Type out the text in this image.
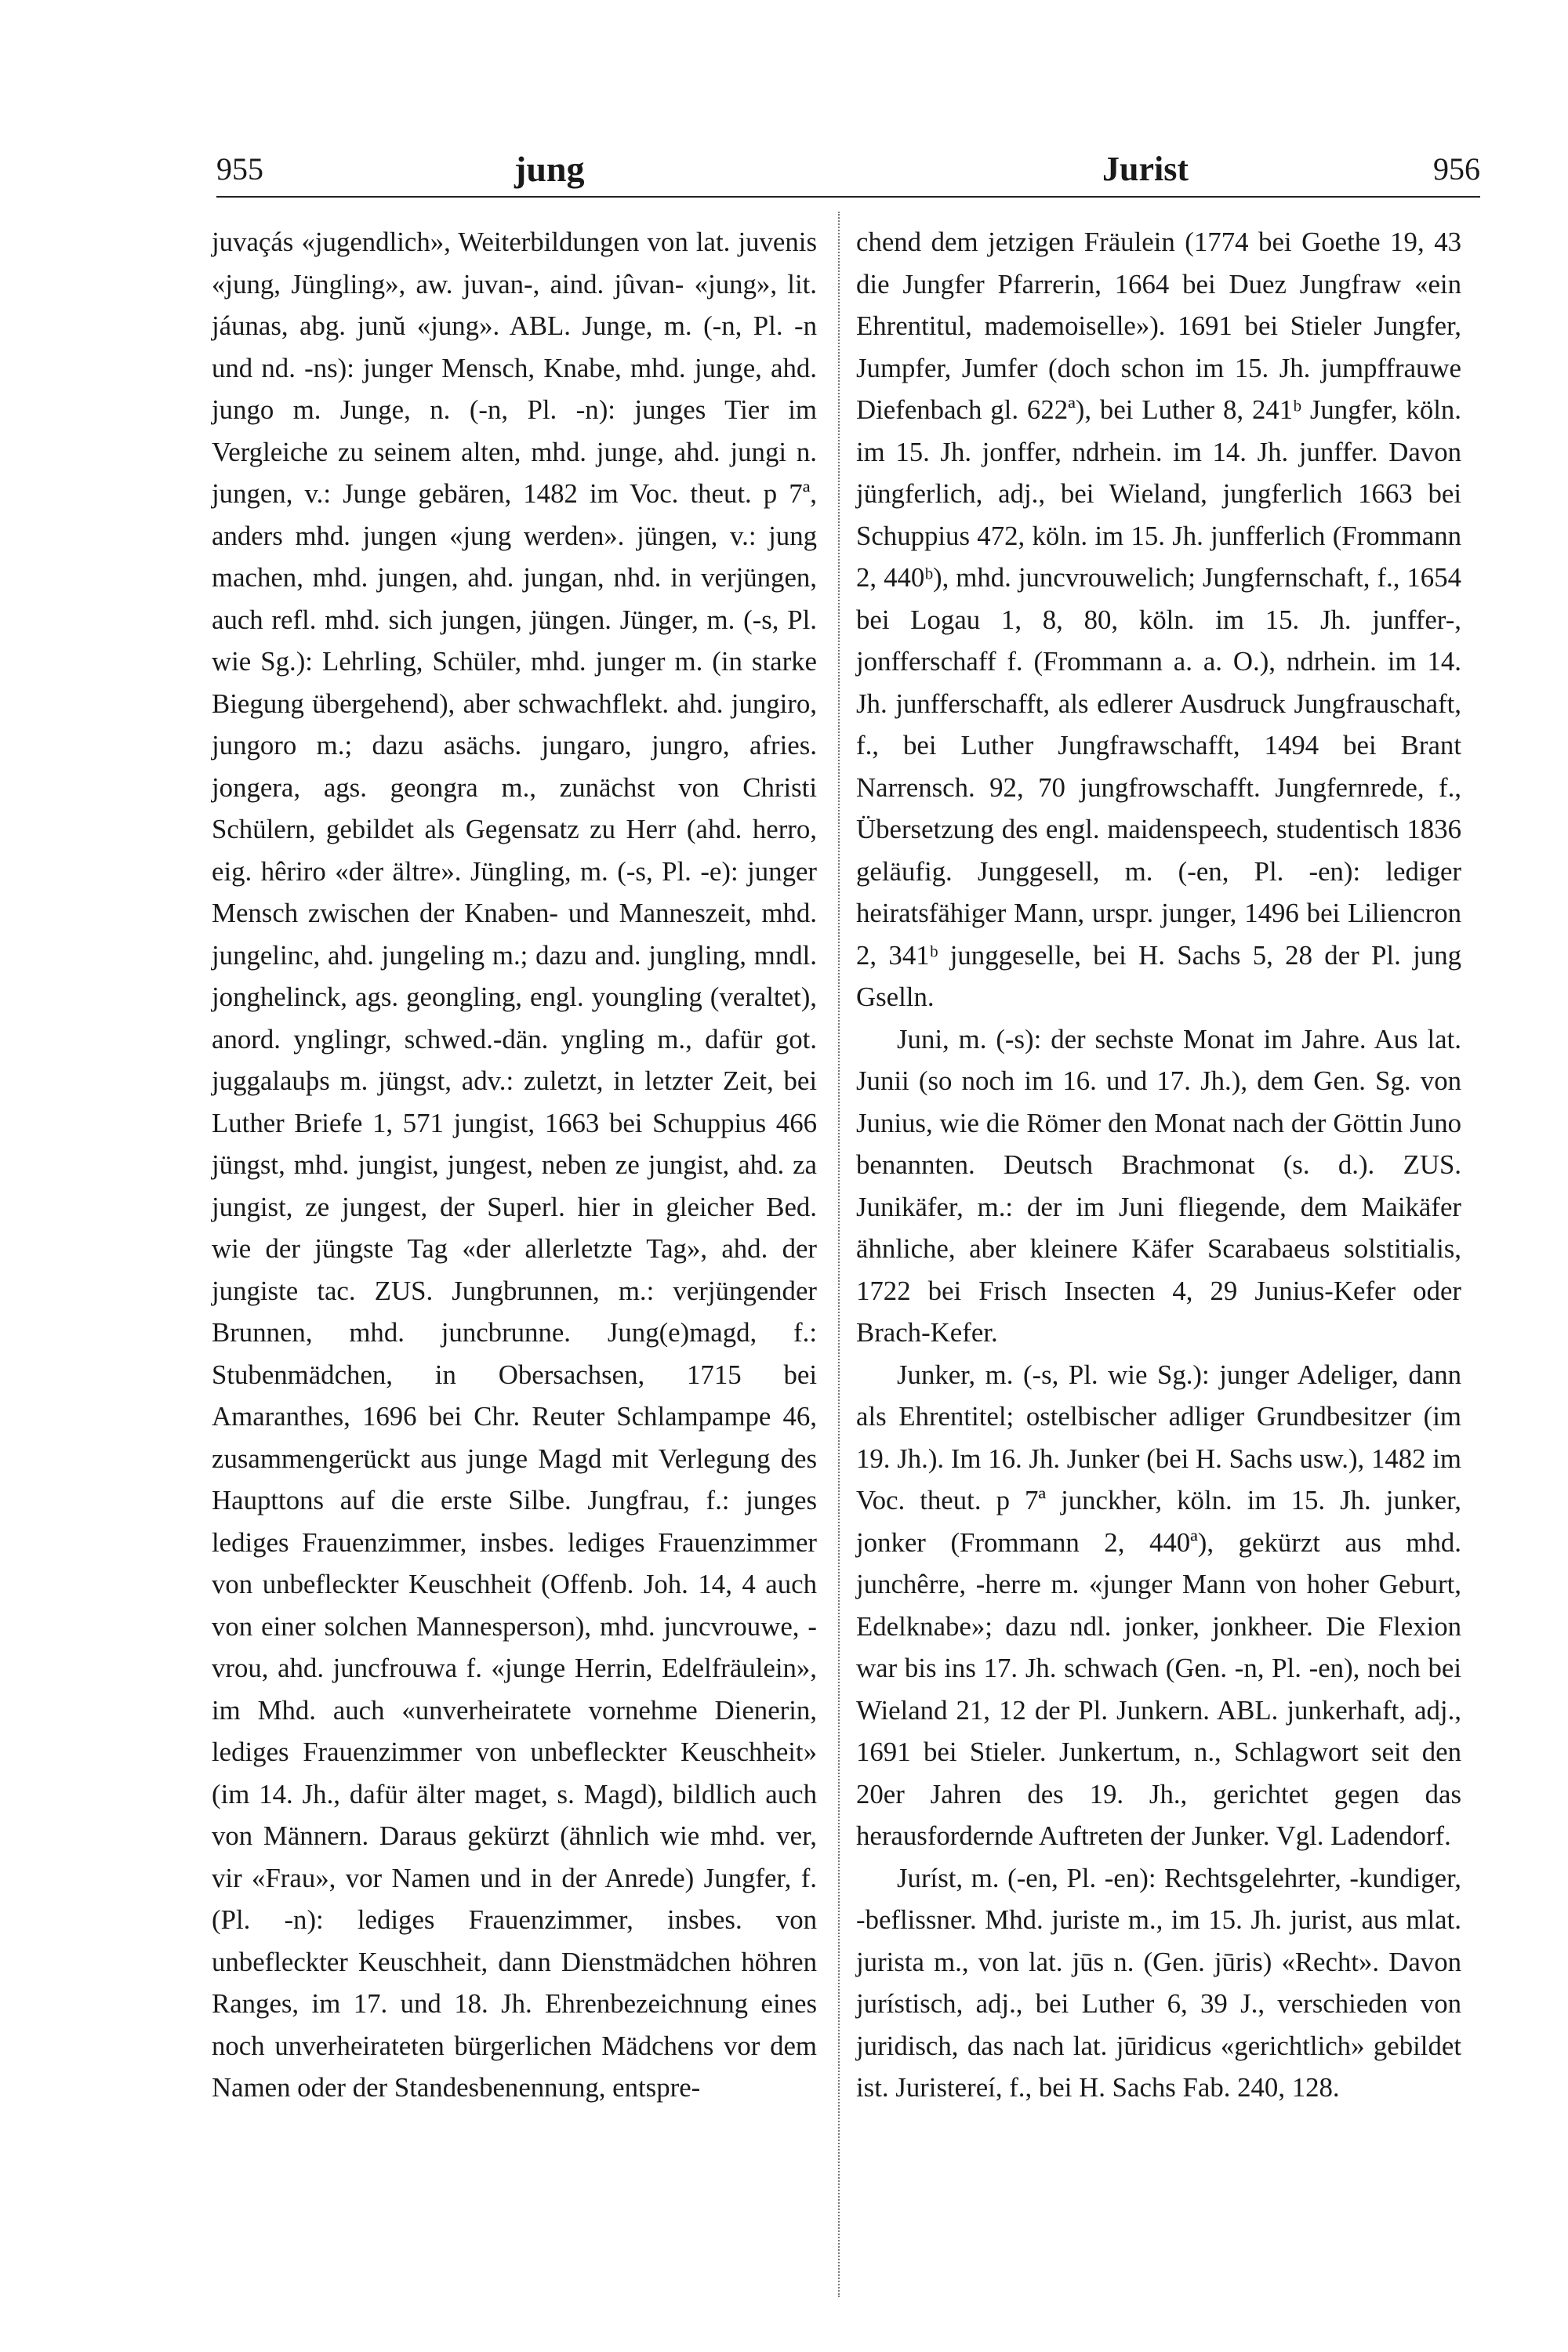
955	jung	Jurist	956

juvaçás «jugendlich», Weiterbildungen von lat. juvenis «jung, Jüngling», aw. juvan-, aind. jûvan- «jung», lit. jáunas, abg. junŭ «jung». ABL. Junge, m. (-n, Pl. -n und nd. -ns): junger Mensch, Knabe, mhd. junge, ahd. jungo m. Junge, n. (-n, Pl. -n): junges Tier im Vergleiche zu seinem alten, mhd. junge, ahd. jungi n. jungen, v.: Junge gebären, 1482 im Voc. theut. p 7ª, anders mhd. jungen «jung werden». jüngen, v.: jung machen, mhd. jungen, ahd. jungan, nhd. in verjüngen, auch refl. mhd. sich jungen, jüngen. Jünger, m. (-s, Pl. wie Sg.): Lehrling, Schüler, mhd. junger m. (in starke Biegung übergehend), aber schwachflekt. ahd. jungiro, jungoro m.; dazu asächs. jungaro, jungro, afries. jongera, ags. geongra m., zunächst von Christi Schülern, gebildet als Gegensatz zu Herr (ahd. herro, eig. hêriro «der ältre». Jüngling, m. (-s, Pl. -e): junger Mensch zwischen der Knaben- und Manneszeit, mhd. jungelinc, ahd. jungeling m.; dazu and. jungling, mndl. jonghelinck, ags. geongling, engl. youngling (veraltet), anord. ynglingr, schwed.-dän. yngling m., dafür got. juggalauþs m. jüngst, adv.: zuletzt, in letzter Zeit, bei Luther Briefe 1, 571 jungist, 1663 bei Schuppius 466 jüngst, mhd. jungist, jungest, neben ze jungist, ahd. za jungist, ze jungest, der Superl. hier in gleicher Bed. wie der jüngste Tag «der allerletzte Tag», ahd. der jungiste tac. ZUS. Jungbrunnen, m.: verjüngender Brunnen, mhd. juncbrunne. Jung(e)magd, f.: Stubenmädchen, in Obersachsen, 1715 bei Amaranthes, 1696 bei Chr. Reuter Schlampampe 46, zusammengerückt aus junge Magd mit Verlegung des Haupttons auf die erste Silbe. Jungfrau, f.: junges lediges Frauenzimmer, insbes. lediges Frauenzimmer von unbefleckter Keuschheit (Offenb. Joh. 14, 4 auch von einer solchen Mannesperson), mhd. juncvrouwe, -vrou, ahd. juncfrouwa f. «junge Herrin, Edelfräulein», im Mhd. auch «unverheiratete vornehme Dienerin, lediges Frauenzimmer von unbefleckter Keuschheit» (im 14. Jh., dafür älter maget, s. Magd), bildlich auch von Männern. Daraus gekürzt (ähnlich wie mhd. ver, vir «Frau», vor Namen und in der Anrede) Jungfer, f. (Pl. -n): lediges Frauenzimmer, insbes. von unbefleckter Keuschheit, dann Dienstmädchen höhren Ranges, im 17. und 18. Jh. Ehrenbezeichnung eines noch unverheirateten bürgerlichen Mädchens vor dem Namen oder der Standesbenennung, entspre-

chend dem jetzigen Fräulein (1774 bei Goethe 19, 43 die Jungfer Pfarrerin, 1664 bei Duez Jungfraw «ein Ehrentitul, mademoiselle»). 1691 bei Stieler Jungfer, Jumpfer, Jumfer (doch schon im 15. Jh. jumpffrauwe Diefenbach gl. 622ª), bei Luther 8, 241ᵇ Jungfer, köln. im 15. Jh. jonffer, ndrhein. im 14. Jh. junffer. Davon jüngferlich, adj., bei Wieland, jungferlich 1663 bei Schuppius 472, köln. im 15. Jh. junfferlich (Frommann 2, 440ᵇ), mhd. juncvrouwelich; Jungfernschaft, f., 1654 bei Logau 1, 8, 80, köln. im 15. Jh. junffer-, jonfferschaff f. (Frommann a. a. O.), ndrhein. im 14. Jh. junfferschafft, als edlerer Ausdruck Jungfrauschaft, f., bei Luther Jungfrawschafft, 1494 bei Brant Narrensch. 92, 70 jungfrowschafft. Jungfernrede, f., Übersetzung des engl. maidenspeech, studentisch 1836 geläufig. Junggesell, m. (-en, Pl. -en): lediger heiratsfähiger Mann, urspr. junger, 1496 bei Liliencron 2, 341ᵇ junggeselle, bei H. Sachs 5, 28 der Pl. jung Gselln.

Juni, m. (-s): der sechste Monat im Jahre. Aus lat. Junii (so noch im 16. und 17. Jh.), dem Gen. Sg. von Junius, wie die Römer den Monat nach der Göttin Juno benannten. Deutsch Brachmonat (s. d.). ZUS. Junikäfer, m.: der im Juni fliegende, dem Maikäfer ähnliche, aber kleinere Käfer Scarabaeus solstitialis, 1722 bei Frisch Insecten 4, 29 Junius-Kefer oder Brach-Kefer.

Junker, m. (-s, Pl. wie Sg.): junger Adeliger, dann als Ehrentitel; ostelbischer adliger Grundbesitzer (im 19. Jh.). Im 16. Jh. Junker (bei H. Sachs usw.), 1482 im Voc. theut. p 7ª junckher, köln. im 15. Jh. junker, jonker (Frommann 2, 440ª), gekürzt aus mhd. junchêrre, -herre m. «junger Mann von hoher Geburt, Edelknabe»; dazu ndl. jonker, jonkheer. Die Flexion war bis ins 17. Jh. schwach (Gen. -n, Pl. -en), noch bei Wieland 21, 12 der Pl. Junkern. ABL. junkerhaft, adj., 1691 bei Stieler. Junkertum, n., Schlagwort seit den 20er Jahren des 19. Jh., gerichtet gegen das herausfordernde Auftreten der Junker. Vgl. Ladendorf.

Juríst, m. (-en, Pl. -en): Rechtsgelehrter, -kundiger, -beflissner. Mhd. juriste m., im 15. Jh. jurist, aus mlat. jurista m., von lat. jūs n. (Gen. jūris) «Recht». Davon jurístisch, adj., bei Luther 6, 39 J., verschieden von juridisch, das nach lat. jūridicus «gerichtlich» gebildet ist. Juristereí, f., bei H. Sachs Fab. 240, 128.
